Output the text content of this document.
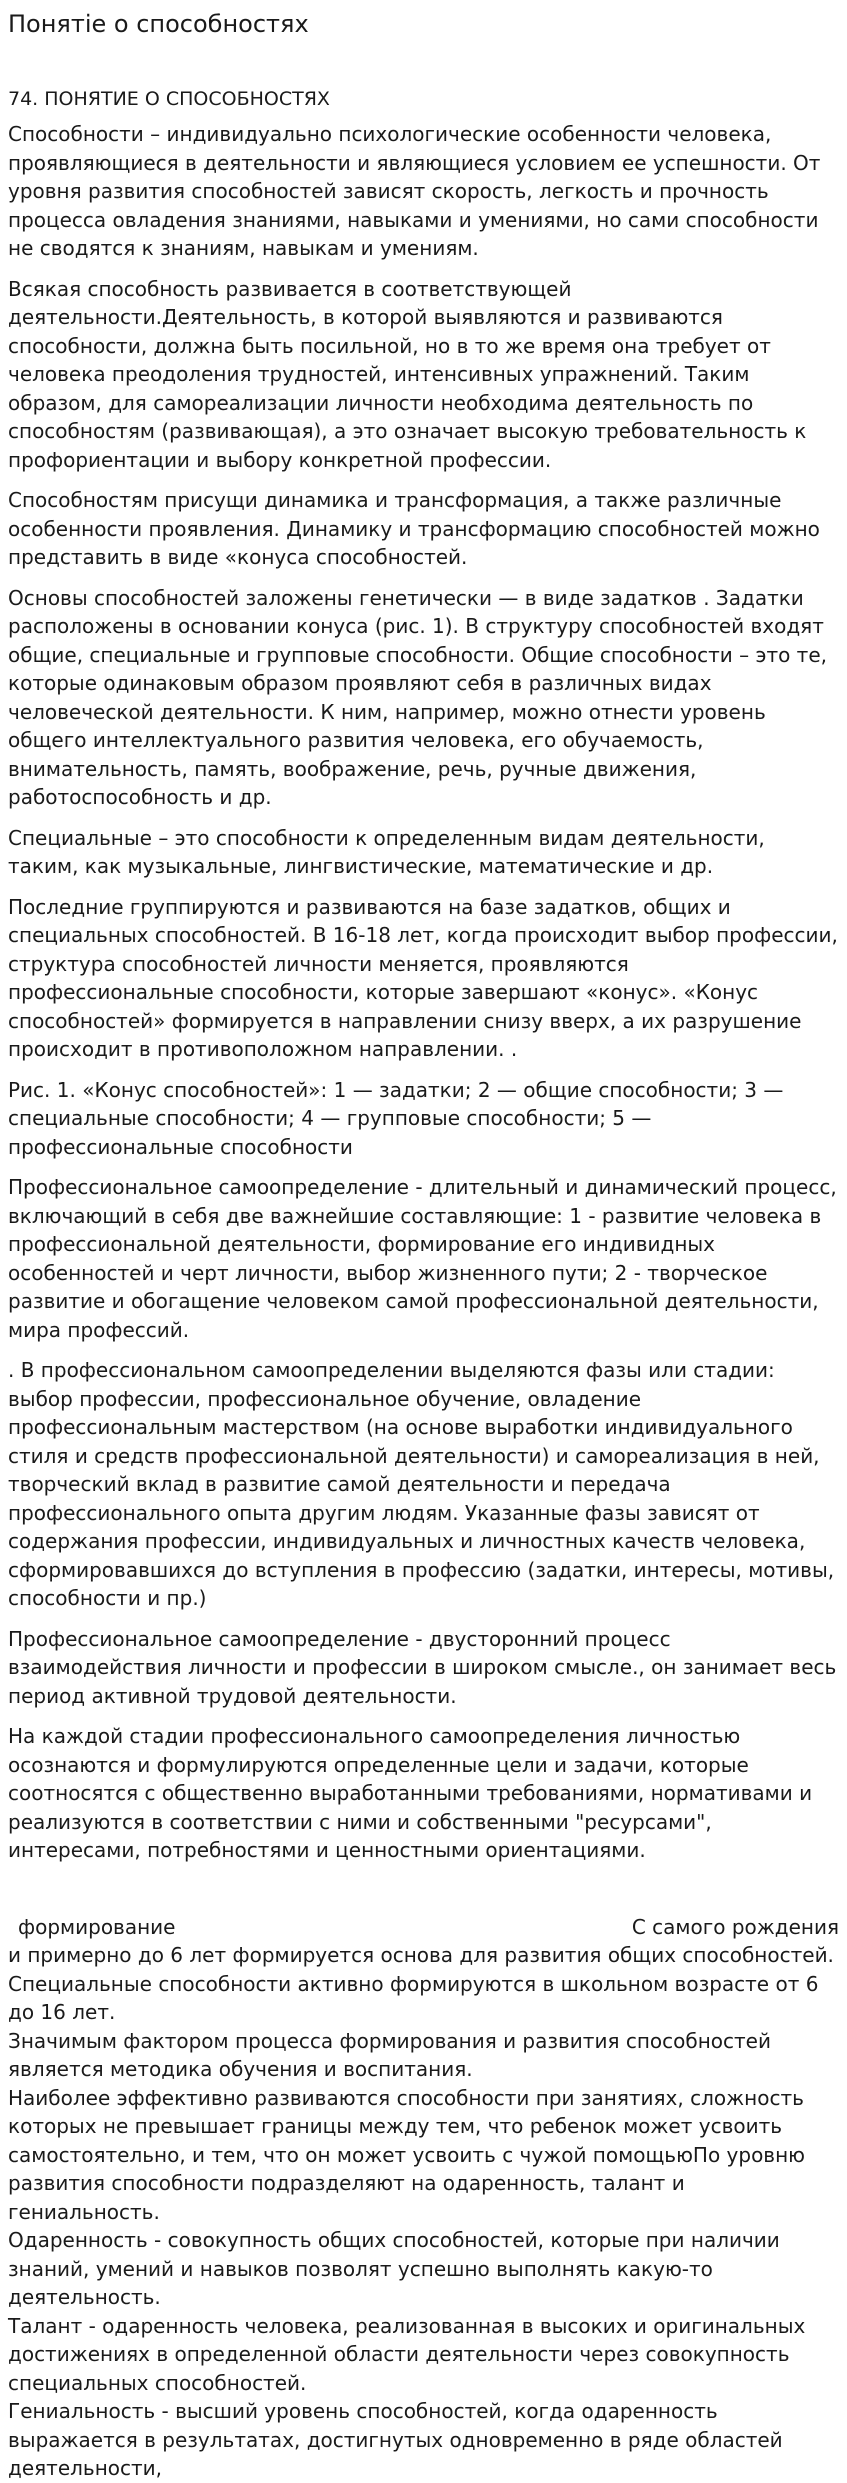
Понятіе о способностях
74. ПОНЯТИЕ О СПОСОБНОСТЯХ

Способности – индивидуально психологические особенности человека, проявляющиеся в деятельности и являющиеся условием ее успешности. От уровня развития способностей зависят скорость, легкость и прочность процесса овладения знаниями, навыками и умениями, но сами способности не сводятся к знаниям, навыкам и умениям.

Всякая способность развивается в соответствующей деятельности.Деятельность, в которой выявляются и развиваются способности, должна быть посильной, но в то же время она требует от человека преодоления трудностей, интенсивных упражнений. Таким образом, для самореализации личности необходима деятельность по способностям (развивающая), а это означает высокую требовательность к профориентации и выбору конкретной профессии.

Способностям присущи динамика и трансформация, а также различные особенности проявления. Динамику и трансформацию способностей можно представить в виде «конуса способностей.

Основы способностей заложены генетически — в виде задатков . Задатки расположены в основании конуса (рис. 1). В структуру способностей входят общие, специальные и групповые способности. Общие способности – это те, которые одинаковым образом проявляют себя в различных видах человеческой деятельности. К ним, например, можно отнести уровень общего интеллектуального развития человека, его обучаемость, внимательность, память, воображение, речь, ручные движения, работоспособность и др.

Специальные – это способности к определенным видам деятельности, таким, как музыкальные, лингвистические, математические и др.

Последние группируются и развиваются на базе задатков, общих и специальных способностей. В 16-18 лет, когда происходит выбор профессии, структура способностей личности меняется, проявляются профессиональные способности, которые завершают «конус». «Конус способностей» формируется в направлении снизу вверх, а их разрушение происходит в противоположном направлении. .

Рис. 1. «Конус способностей»: 1 — задатки; 2 — общие способности; 3 — специальные способности; 4 — групповые способности; 5 — профессиональные способности

Профессиональное самоопределение - длительный и динамический процесс, включающий в себя две важнейшие составляющие: 1 - развитие человека в профессиональной деятельности, формирование его индивидных особенностей и черт личности, выбор жизненного пути; 2 - творческое развитие и обогащение человеком самой профессиональной деятельности, мира профессий.

. В профессиональном самоопределении выделяются фазы или стадии: выбор профессии, профессиональное обучение, овладение профессиональным мастерством (на основе выработки индивидуального стиля и средств профессиональной деятельности) и самореализация в ней, творческий вклад в развитие самой деятельности и передача профессионального опыта другим людям. Указанные фазы зависят от содержания профессии, индивидуальных и личностных качеств человека, сформировавшихся до вступления в профессию (задатки, интересы, мотивы, способности и пр.)

Профессиональное самоопределение - двусторонний процесс взаимодействия личности и профессии в широком смысле., он занимает весь период активной трудовой деятельности.

На каждой стадии профессионального самоопределения личностью осознаются и формулируются определенные цели и задачи, которые соотносятся с общественно выработанными требованиями, нормативами и реализуются в соответствии с ними и собственными "ресурсами", интересами, потребностями и ценностными ориентациями.

формирование	С самого рождения

и примерно до 6 лет формируется основа для развития общих способностей.

Специальные способности активно формируются в школьном возрасте от 6 до 16 лет.

Значимым фактором процесса формирования и развития способностей является методика обучения и воспитания.

Наиболее эффективно развиваются способности при занятиях, сложность которых не превышает границы между тем, что ребенок может усвоить самостоятельно, и тем, что он может усвоить с чужой помощьюПо уровню развития способности подразделяют на одаренность, талант и гениальность.

Одаренность - совокупность общих способностей, которые при наличии знаний, умений и навыков позволят успешно выполнять какую-то деятельность.

Талант - одаренность человека, реализованная в высоких и оригинальных достижениях в определенной области деятельности через совокупность специальных способностей.

Гениальность - высший уровень способностей, когда одаренность выражается в результатах, достигнутых одновременно в ряде областей деятельности,
